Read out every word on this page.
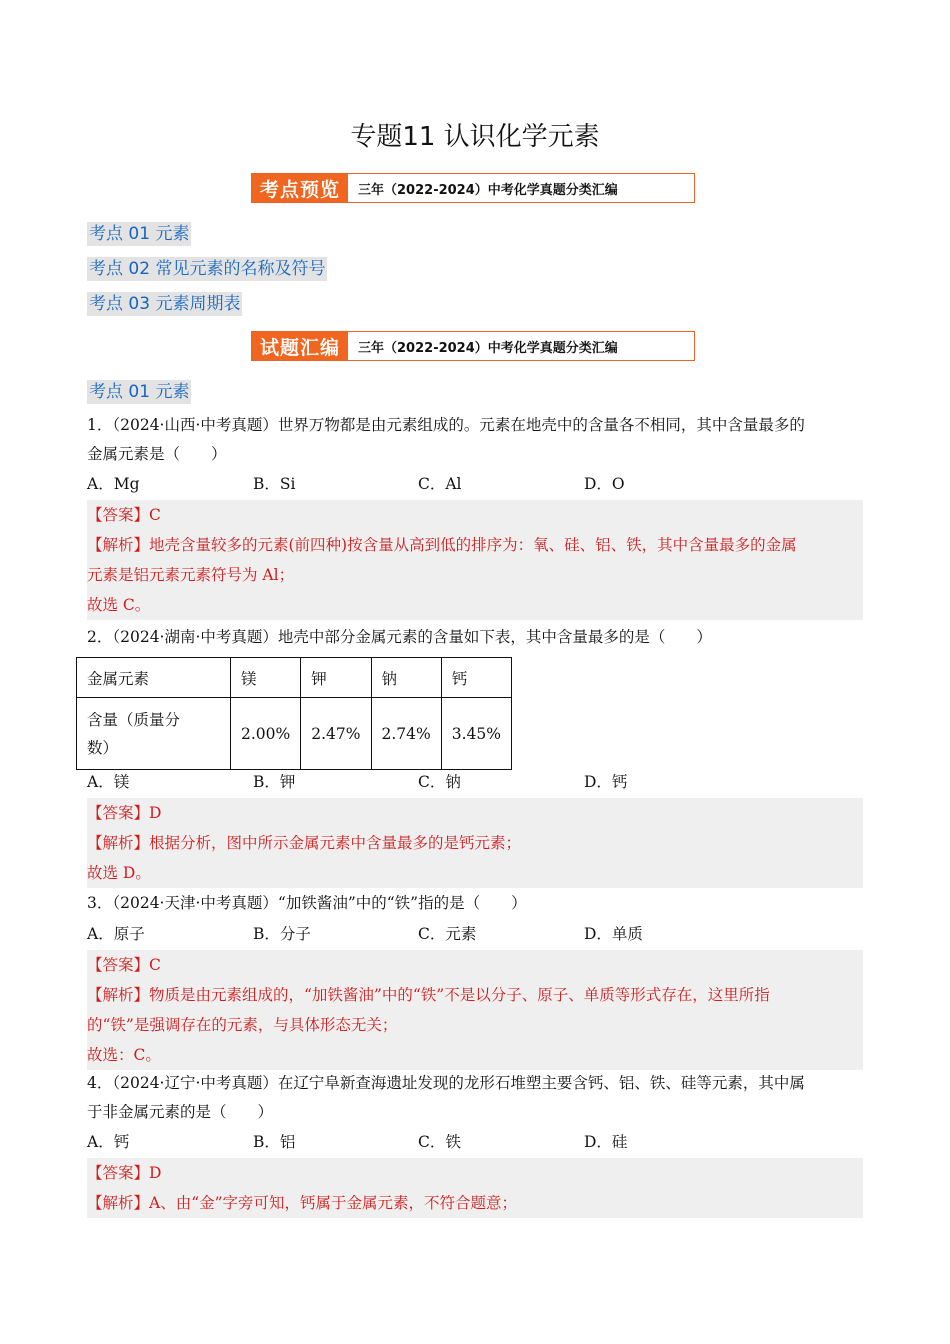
专题11 认识化学元素
考点预览	三年（2022-2024）中考化学真题分类汇编
考点 01 元素
考点 02 常见元素的名称及符号
考点 03 元素周期表
试题汇编	三年（2022-2024）中考化学真题分类汇编
考点 01 元素
1．（2024·山西·中考真题）世界万物都是由元素组成的。元素在地壳中的含量各不相同，其中含量最多的
金属元素是（　　）
A．Mg	B．Si	C．Al	D．O
【答案】C
【解析】地壳含量较多的元素(前四种)按含量从高到低的排序为：氧、硅、铝、铁，其中含量最多的金属
元素是铝元素元素符号为 Al；
故选 C。
2．（2024·湖南·中考真题）地壳中部分金属元素的含量如下表，其中含量最多的是（　　）
金属元素	镁	钾	钠	钙

含量（质量分
数）	2.00%	2.47%	2.74%	3.45%
A．镁	B．钾	C．钠	D．钙
【答案】D
【解析】根据分析，图中所示金属元素中含量最多的是钙元素；
故选 D。
3．（2024·天津·中考真题）“加铁酱油”中的“铁”指的是（　　）
A．原子	B．分子	C．元素	D．单质
【答案】C
【解析】物质是由元素组成的，“加铁酱油”中的“铁”不是以分子、原子、单质等形式存在，这里所指
的“铁”是强调存在的元素，与具体形态无关；
故选：C。
4．（2024·辽宁·中考真题）在辽宁阜新查海遗址发现的龙形石堆塑主要含钙、铝、铁、硅等元素，其中属
于非金属元素的是（　　）
A．钙	B．铝	C．铁	D．硅
【答案】D
【解析】A、由“金”字旁可知，钙属于金属元素，不符合题意；
